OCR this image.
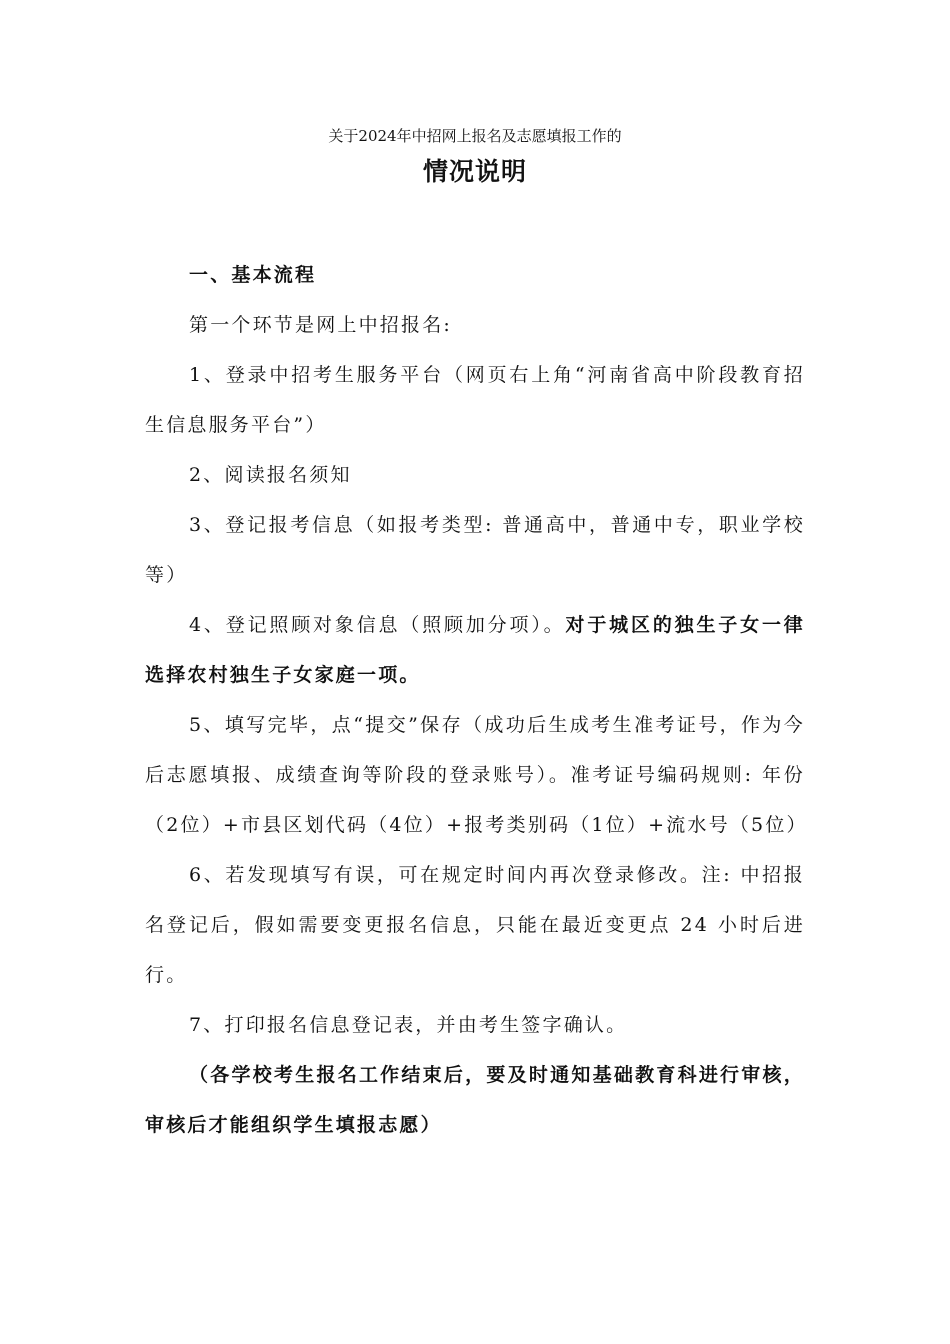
关于2024年中招网上报名及志愿填报工作的
情况说明

一、基本流程

第一个环节是网上中招报名:

1、登录中招考生服务平台（网页右上角“河南省高中阶段教育招生信息服务平台”）

2、阅读报名须知

3、登记报考信息（如报考类型: 普通高中，普通中专，职业学校等）

4、登记照顾对象信息（照顾加分项）。对于城区的独生子女一律选择农村独生子女家庭一项。

5、填写完毕，点“提交”保存（成功后生成考生准考证号，作为今后志愿填报、成绩查询等阶段的登录账号）。准考证号编码规则: 年份（2位）+市县区划代码（4位）+报考类别码（1位）+流水号（5位）

6、若发现填写有误，可在规定时间内再次登录修改。注: 中招报名登记后，假如需要变更报名信息，只能在最近变更点 24 小时后进行。

7、打印报名信息登记表，并由考生签字确认。

（各学校考生报名工作结束后，要及时通知基础教育科进行审核，审核后才能组织学生填报志愿）
